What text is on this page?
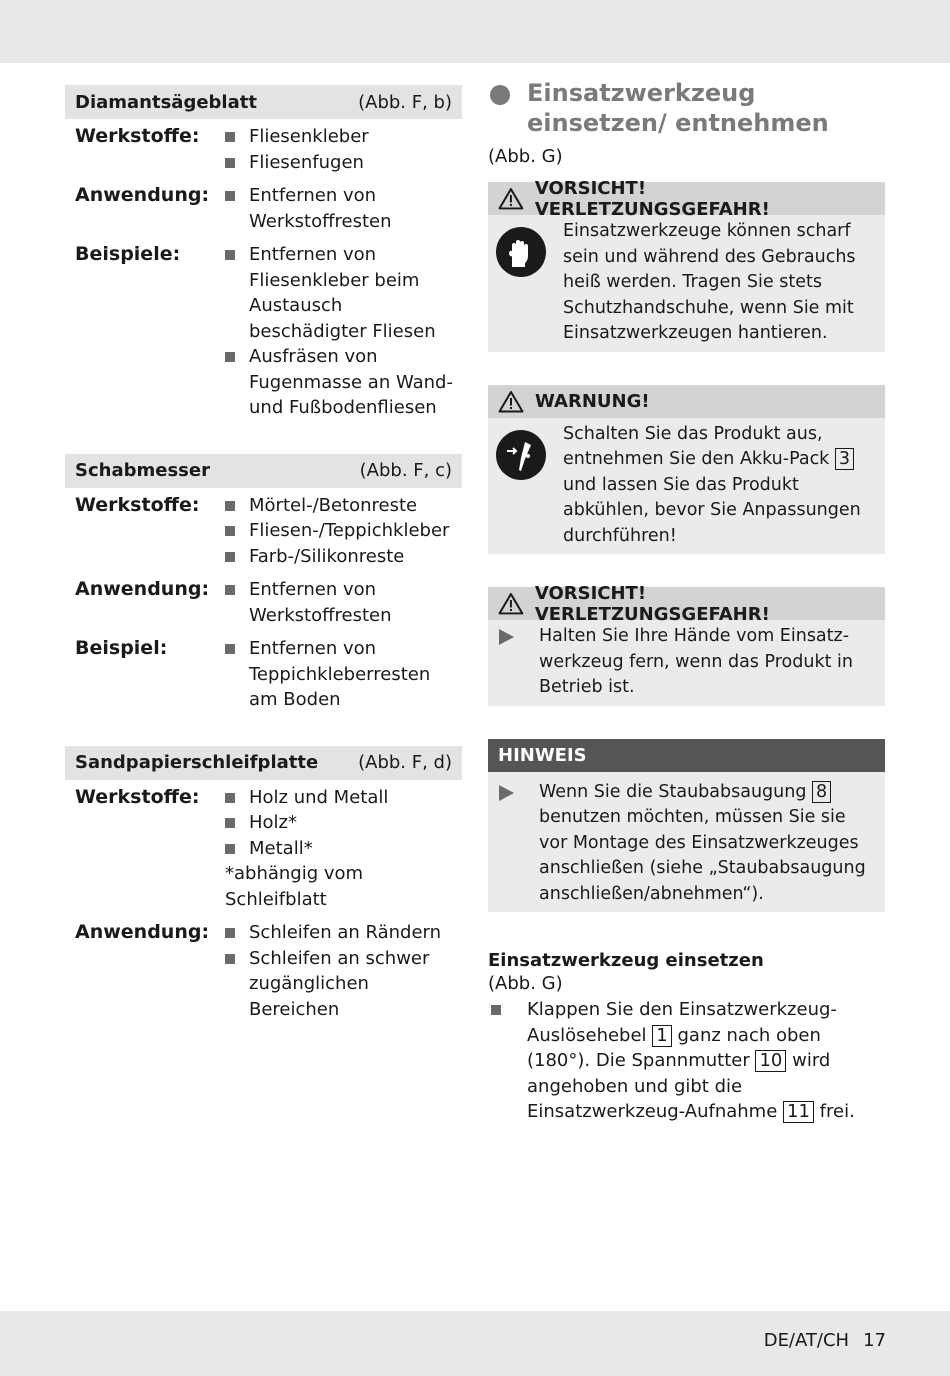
Diamantsägeblatt	(Abb. F, b)
Werkstoffe:	Fliesenkleber
Fliesenfugen
Anwendung:	Entfernen von Werkstoffresten
Beispiele:	Entfernen von Fliesenkleber beim Austausch beschädigter Fliesen
Ausfräsen von Fugenmasse an Wand- und Fußbodenfliesen
Schabmesser	(Abb. F, c)
Werkstoffe:	Mörtel-/Betonreste
Fliesen-/Teppichkleber
Farb-/Silikonreste
Anwendung:	Entfernen von Werkstoffresten
Beispiel:	Entfernen von Teppichkleberresten am Boden
Sandpapierschleifplatte (Abb. F, d)
Werkstoffe:	Holz und Metall
Holz*
Metall*
*abhängig vom Schleifblatt
Anwendung:	Schleifen an Rändern
Schleifen an schwer zugänglichen Bereichen
Einsatzwerkzeug einsetzen/ entnehmen
(Abb. G)
VORSICHT! VERLETZUNGSGEFAHR!
Einsatzwerkzeuge können scharf sein und während des Gebrauchs heiß werden. Tragen Sie stets Schutzhandschuhe, wenn Sie mit Einsatzwerkzeugen hantieren.
WARNUNG!
Schalten Sie das Produkt aus, entnehmen Sie den Akku-Pack 3 und lassen Sie das Produkt abkühlen, bevor Sie Anpassungen durchführen!
VORSICHT! VERLETZUNGSGEFAHR!
Halten Sie Ihre Hände vom Einsatz- werkzeug fern, wenn das Produkt in Betrieb ist.
HINWEIS
Wenn Sie die Staubabsaugung 8 benutzen möchten, müssen Sie sie vor Montage des Einsatzwerkzeuges anschließen (siehe „Staubabsaugung anschließen/abnehmen“).
Einsatzwerkzeug einsetzen
(Abb. G)
Klappen Sie den Einsatzwerkzeug- Auslösehebel 1 ganz nach oben (180°). Die Spannmutter 10 wird angehoben und gibt die Einsatzwerkzeug-Aufnahme 11 frei.
DE/AT/CH 17
